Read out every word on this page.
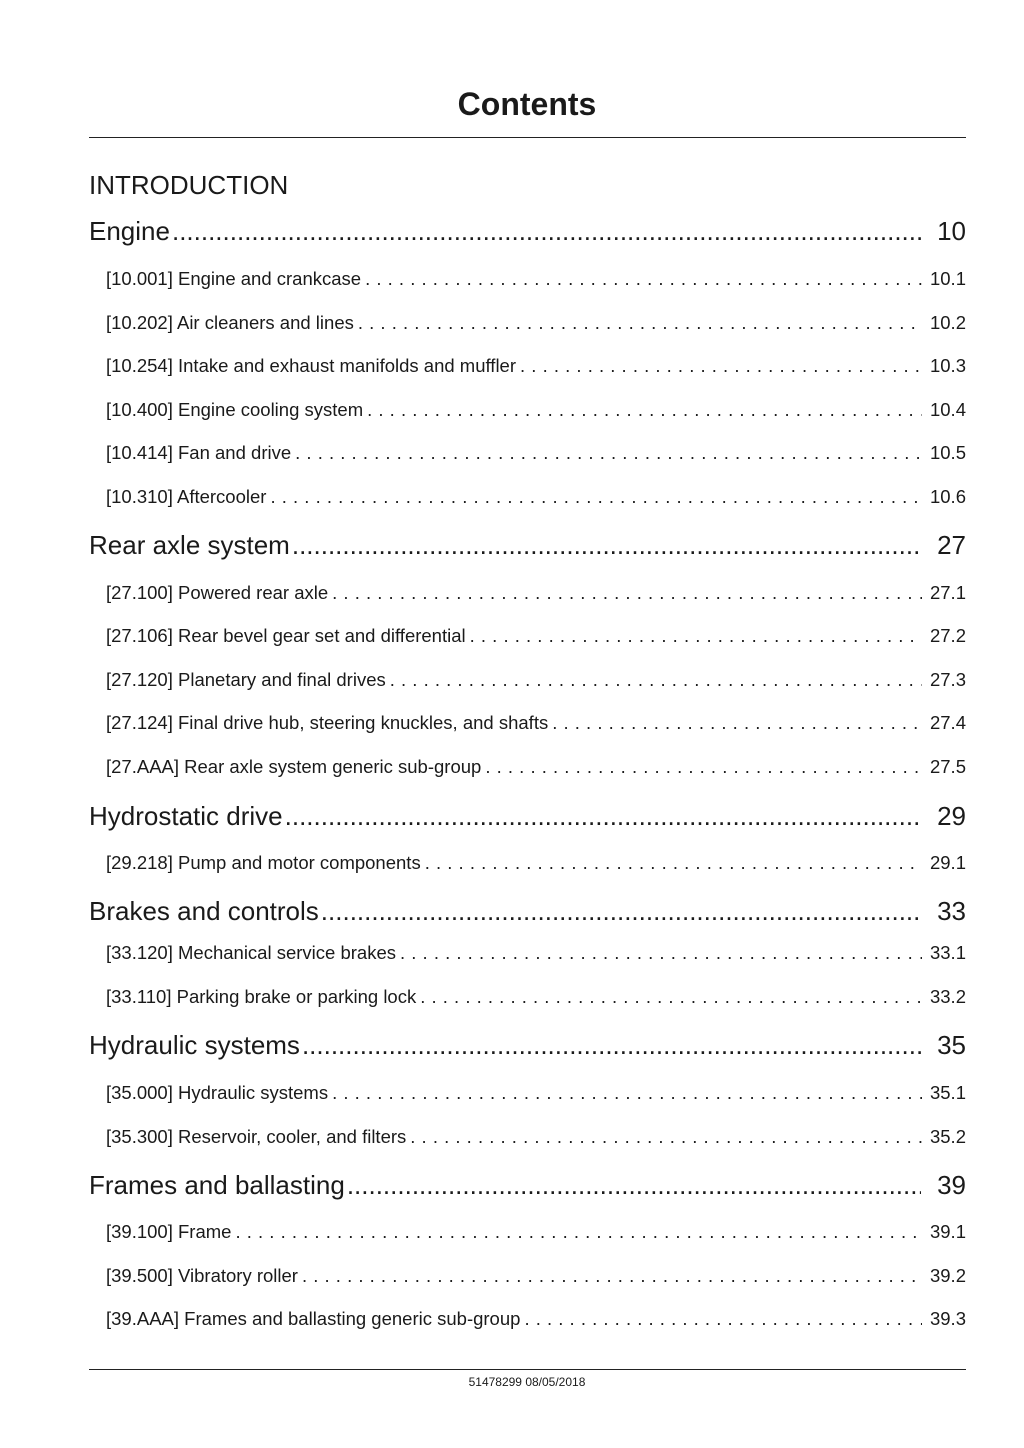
Contents
INTRODUCTION
Engine .....	10
[10.001] Engine and crankcase . . .	10.1
[10.202] Air cleaners and lines . . .	10.2
[10.254] Intake and exhaust manifolds and muffler . . .	10.3
[10.400] Engine cooling system . . .	10.4
[10.414] Fan and drive . . .	10.5
[10.310] Aftercooler . . .	10.6
Rear axle system .....	27
[27.100] Powered rear axle . . .	27.1
[27.106] Rear bevel gear set and differential . . .	27.2
[27.120] Planetary and final drives . . .	27.3
[27.124] Final drive hub, steering knuckles, and shafts . . .	27.4
[27.AAA] Rear axle system generic sub-group . . .	27.5
Hydrostatic drive .....	29
[29.218] Pump and motor components . . .	29.1
Brakes and controls .....	33
[33.120] Mechanical service brakes . . .	33.1
[33.110] Parking brake or parking lock . . .	33.2
Hydraulic systems .....	35
[35.000] Hydraulic systems . . .	35.1
[35.300] Reservoir, cooler, and filters . . .	35.2
Frames and ballasting .....	39
[39.100] Frame . . .	39.1
[39.500] Vibratory roller . . .	39.2
[39.AAA] Frames and ballasting generic sub-group . . .	39.3
51478299 08/05/2018
